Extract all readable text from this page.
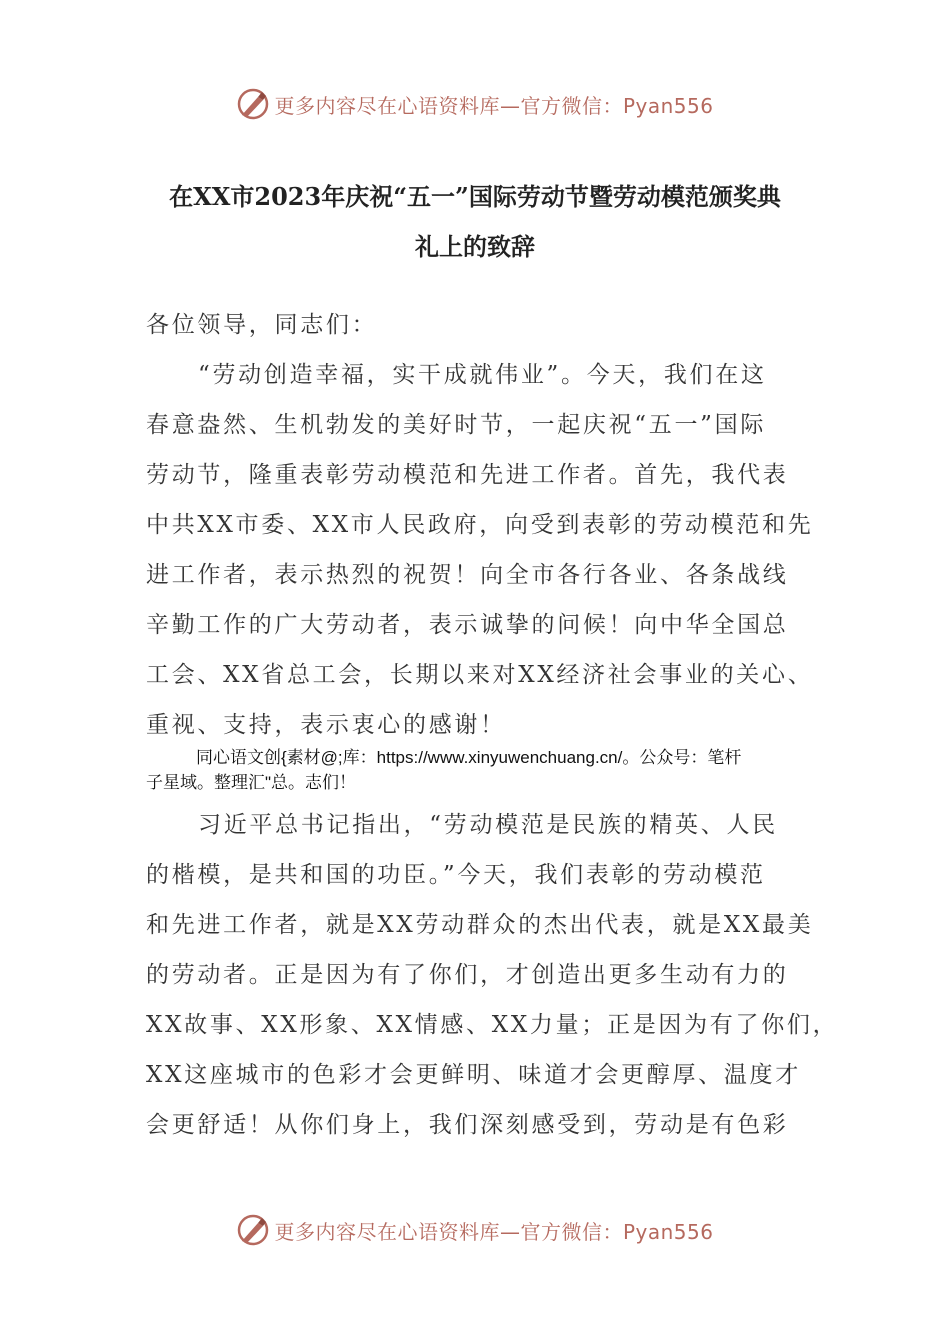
更多内容尽在心语资料库—官方微信：Pyan556
在XX市2023年庆祝“五一”国际劳动节暨劳动模范颁奖典
礼上的致辞
各位领导，同志们：
“劳动创造幸福，实干成就伟业”。今天，我们在这
春意盎然、生机勃发的美好时节，一起庆祝“五一”国际
劳动节，隆重表彰劳动模范和先进工作者。首先，我代表
中共XX市委、XX市人民政府，向受到表彰的劳动模范和先
进工作者，表示热烈的祝贺！向全市各行各业、各条战线
辛勤工作的广大劳动者，表示诚挚的问候！向中华全国总
工会、XX省总工会，长期以来对XX经济社会事业的关心、
重视、支持，表示衷心的感谢！
同心语文创{素材@;库：https://www.xinyuwenchuang.cn/。公众号：笔杆
子星域。整理汇"总。志们！
习近平总书记指出，“劳动模范是民族的精英、人民
的楷模，是共和国的功臣。”今天，我们表彰的劳动模范
和先进工作者，就是XX劳动群众的杰出代表，就是XX最美
的劳动者。正是因为有了你们，才创造出更多生动有力的
XX故事、XX形象、XX情感、XX力量；正是因为有了你们，
XX这座城市的色彩才会更鲜明、味道才会更醇厚、温度才
会更舒适！从你们身上，我们深刻感受到，劳动是有色彩
更多内容尽在心语资料库—官方微信：Pyan556
